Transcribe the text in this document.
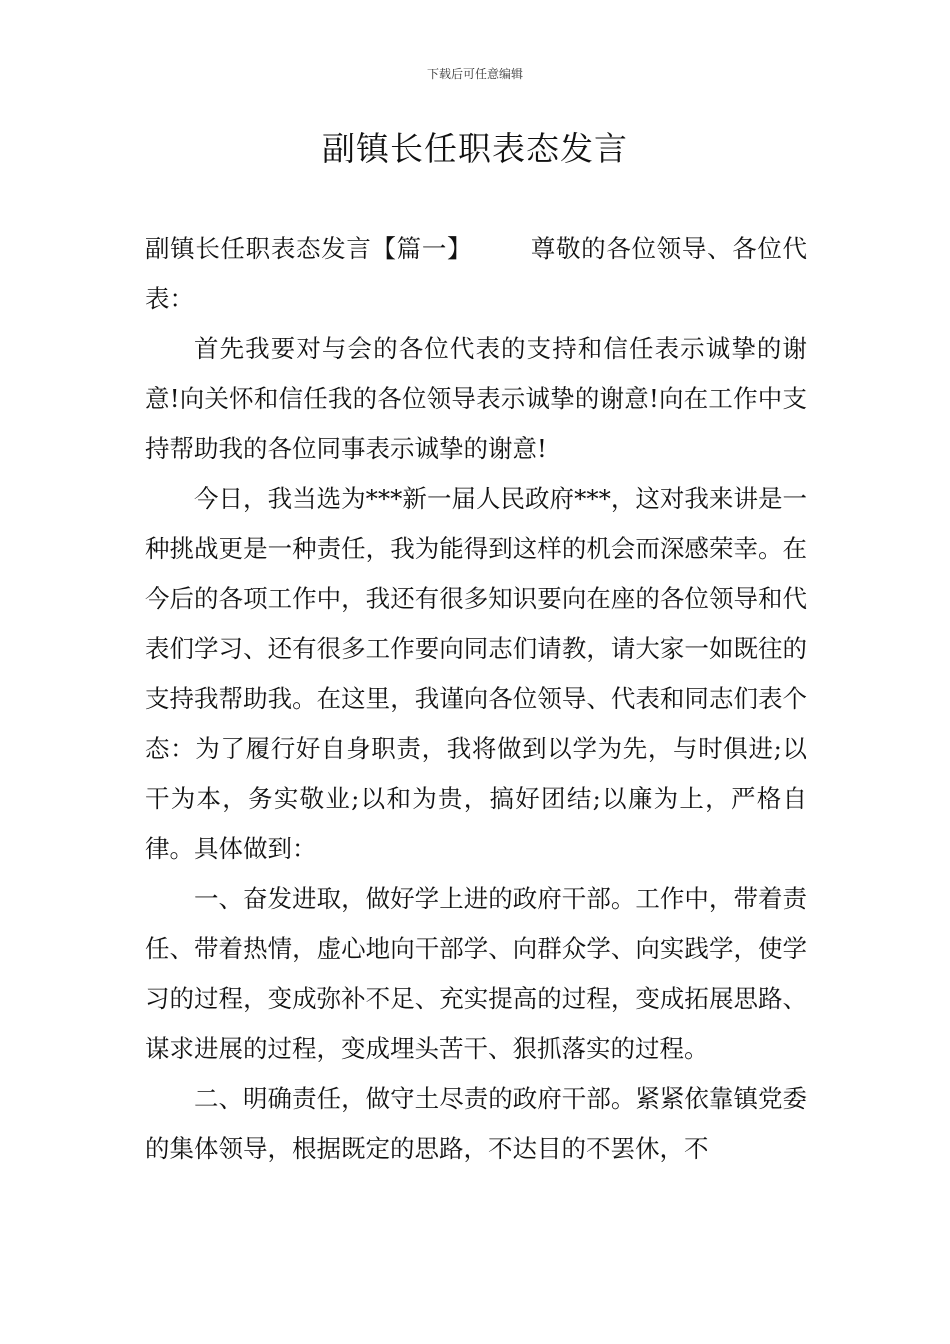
下载后可任意编辑
副镇长任职表态发言

副镇长任职表态发言【篇一】 尊敬的各位领导、各位代表：

首先我要对与会的各位代表的支持和信任表示诚挚的谢意!向关怀和信任我的各位领导表示诚挚的谢意!向在工作中支持帮助我的各位同事表示诚挚的谢意!

今日，我当选为***新一届人民政府***，这对我来讲是一种挑战更是一种责任，我为能得到这样的机会而深感荣幸。在今后的各项工作中，我还有很多知识要向在座的各位领导和代表们学习、还有很多工作要向同志们请教，请大家一如既往的支持我帮助我。在这里，我谨向各位领导、代表和同志们表个态：为了履行好自身职责，我将做到以学为先，与时俱进;以干为本，务实敬业;以和为贵，搞好团结;以廉为上，严格自律。具体做到：

一、奋发进取，做好学上进的政府干部。工作中，带着责任、带着热情，虚心地向干部学、向群众学、向实践学，使学习的过程，变成弥补不足、充实提高的过程，变成拓展思路、谋求进展的过程，变成埋头苦干、狠抓落实的过程。

二、明确责任，做守土尽责的政府干部。紧紧依靠镇党委的集体领导，根据既定的思路，不达目的不罢休，不
